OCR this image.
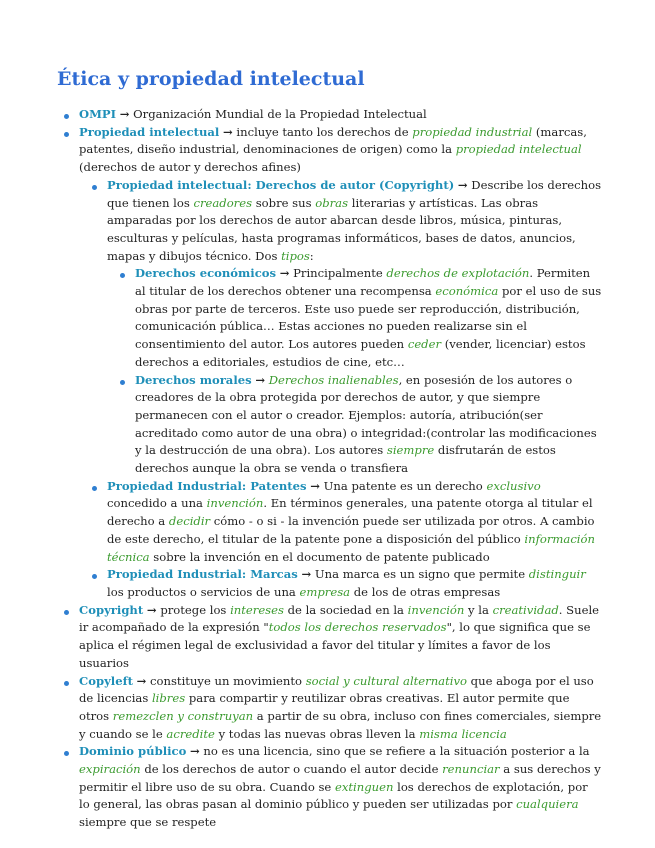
Ética y propiedad intelectual
OMPI → Organización Mundial de la Propiedad Intelectual
Propiedad intelectual → incluye tanto los derechos de propiedad industrial (marcas, patentes, diseño industrial, denominaciones de origen) como la propiedad intelectual (derechos de autor y derechos afines)
Propiedad intelectual: Derechos de autor (Copyright) → Describe los derechos que tienen los creadores sobre sus obras literarias y artísticas. Las obras amparadas por los derechos de autor abarcan desde libros, música, pinturas, esculturas y películas, hasta programas informáticos, bases de datos, anuncios, mapas y dibujos técnico. Dos tipos:
Derechos económicos → Principalmente derechos de explotación. Permiten al titular de los derechos obtener una recompensa económica por el uso de sus obras por parte de terceros. Este uso puede ser reproducción, distribución, comunicación pública… Estas acciones no pueden realizarse sin el consentimiento del autor. Los autores pueden ceder (vender, licenciar) estos derechos a editoriales, estudios de cine, etc…
Derechos morales → Derechos inalienables, en posesión de los autores o creadores de la obra protegida por derechos de autor, y que siempre permanecen con el autor o creador. Ejemplos: autoría, atribución(ser acreditado como autor de una obra) o integridad:(controlar las modificaciones y la destrucción de una obra). Los autores siempre disfrutarán de estos derechos aunque la obra se venda o transfiera
Propiedad Industrial: Patentes → Una patente es un derecho exclusivo concedido a una invención. En términos generales, una patente otorga al titular el derecho a decidir cómo - o si - la invención puede ser utilizada por otros. A cambio de este derecho, el titular de la patente pone a disposición del público información técnica sobre la invención en el documento de patente publicado
Propiedad Industrial: Marcas → Una marca es un signo que permite distinguir los productos o servicios de una empresa de los de otras empresas
Copyright → protege los intereses de la sociedad en la invención y la creatividad. Suele ir acompañado de la expresión "todos los derechos reservados", lo que significa que se aplica el régimen legal de exclusividad a favor del titular y límites a favor de los usuarios
Copyleft → constituye un movimiento social y cultural alternativo que aboga por el uso de licencias libres para compartir y reutilizar obras creativas. El autor permite que otros remezclen y construyan a partir de su obra, incluso con fines comerciales, siempre y cuando se le acredite y todas las nuevas obras lleven la misma licencia
Dominio público → no es una licencia, sino que se refiere a la situación posterior a la expiración de los derechos de autor o cuando el autor decide renunciar a sus derechos y permitir el libre uso de su obra. Cuando se extinguen los derechos de explotación, por lo general, las obras pasan al dominio público y pueden ser utilizadas por cualquiera siempre que se respete
